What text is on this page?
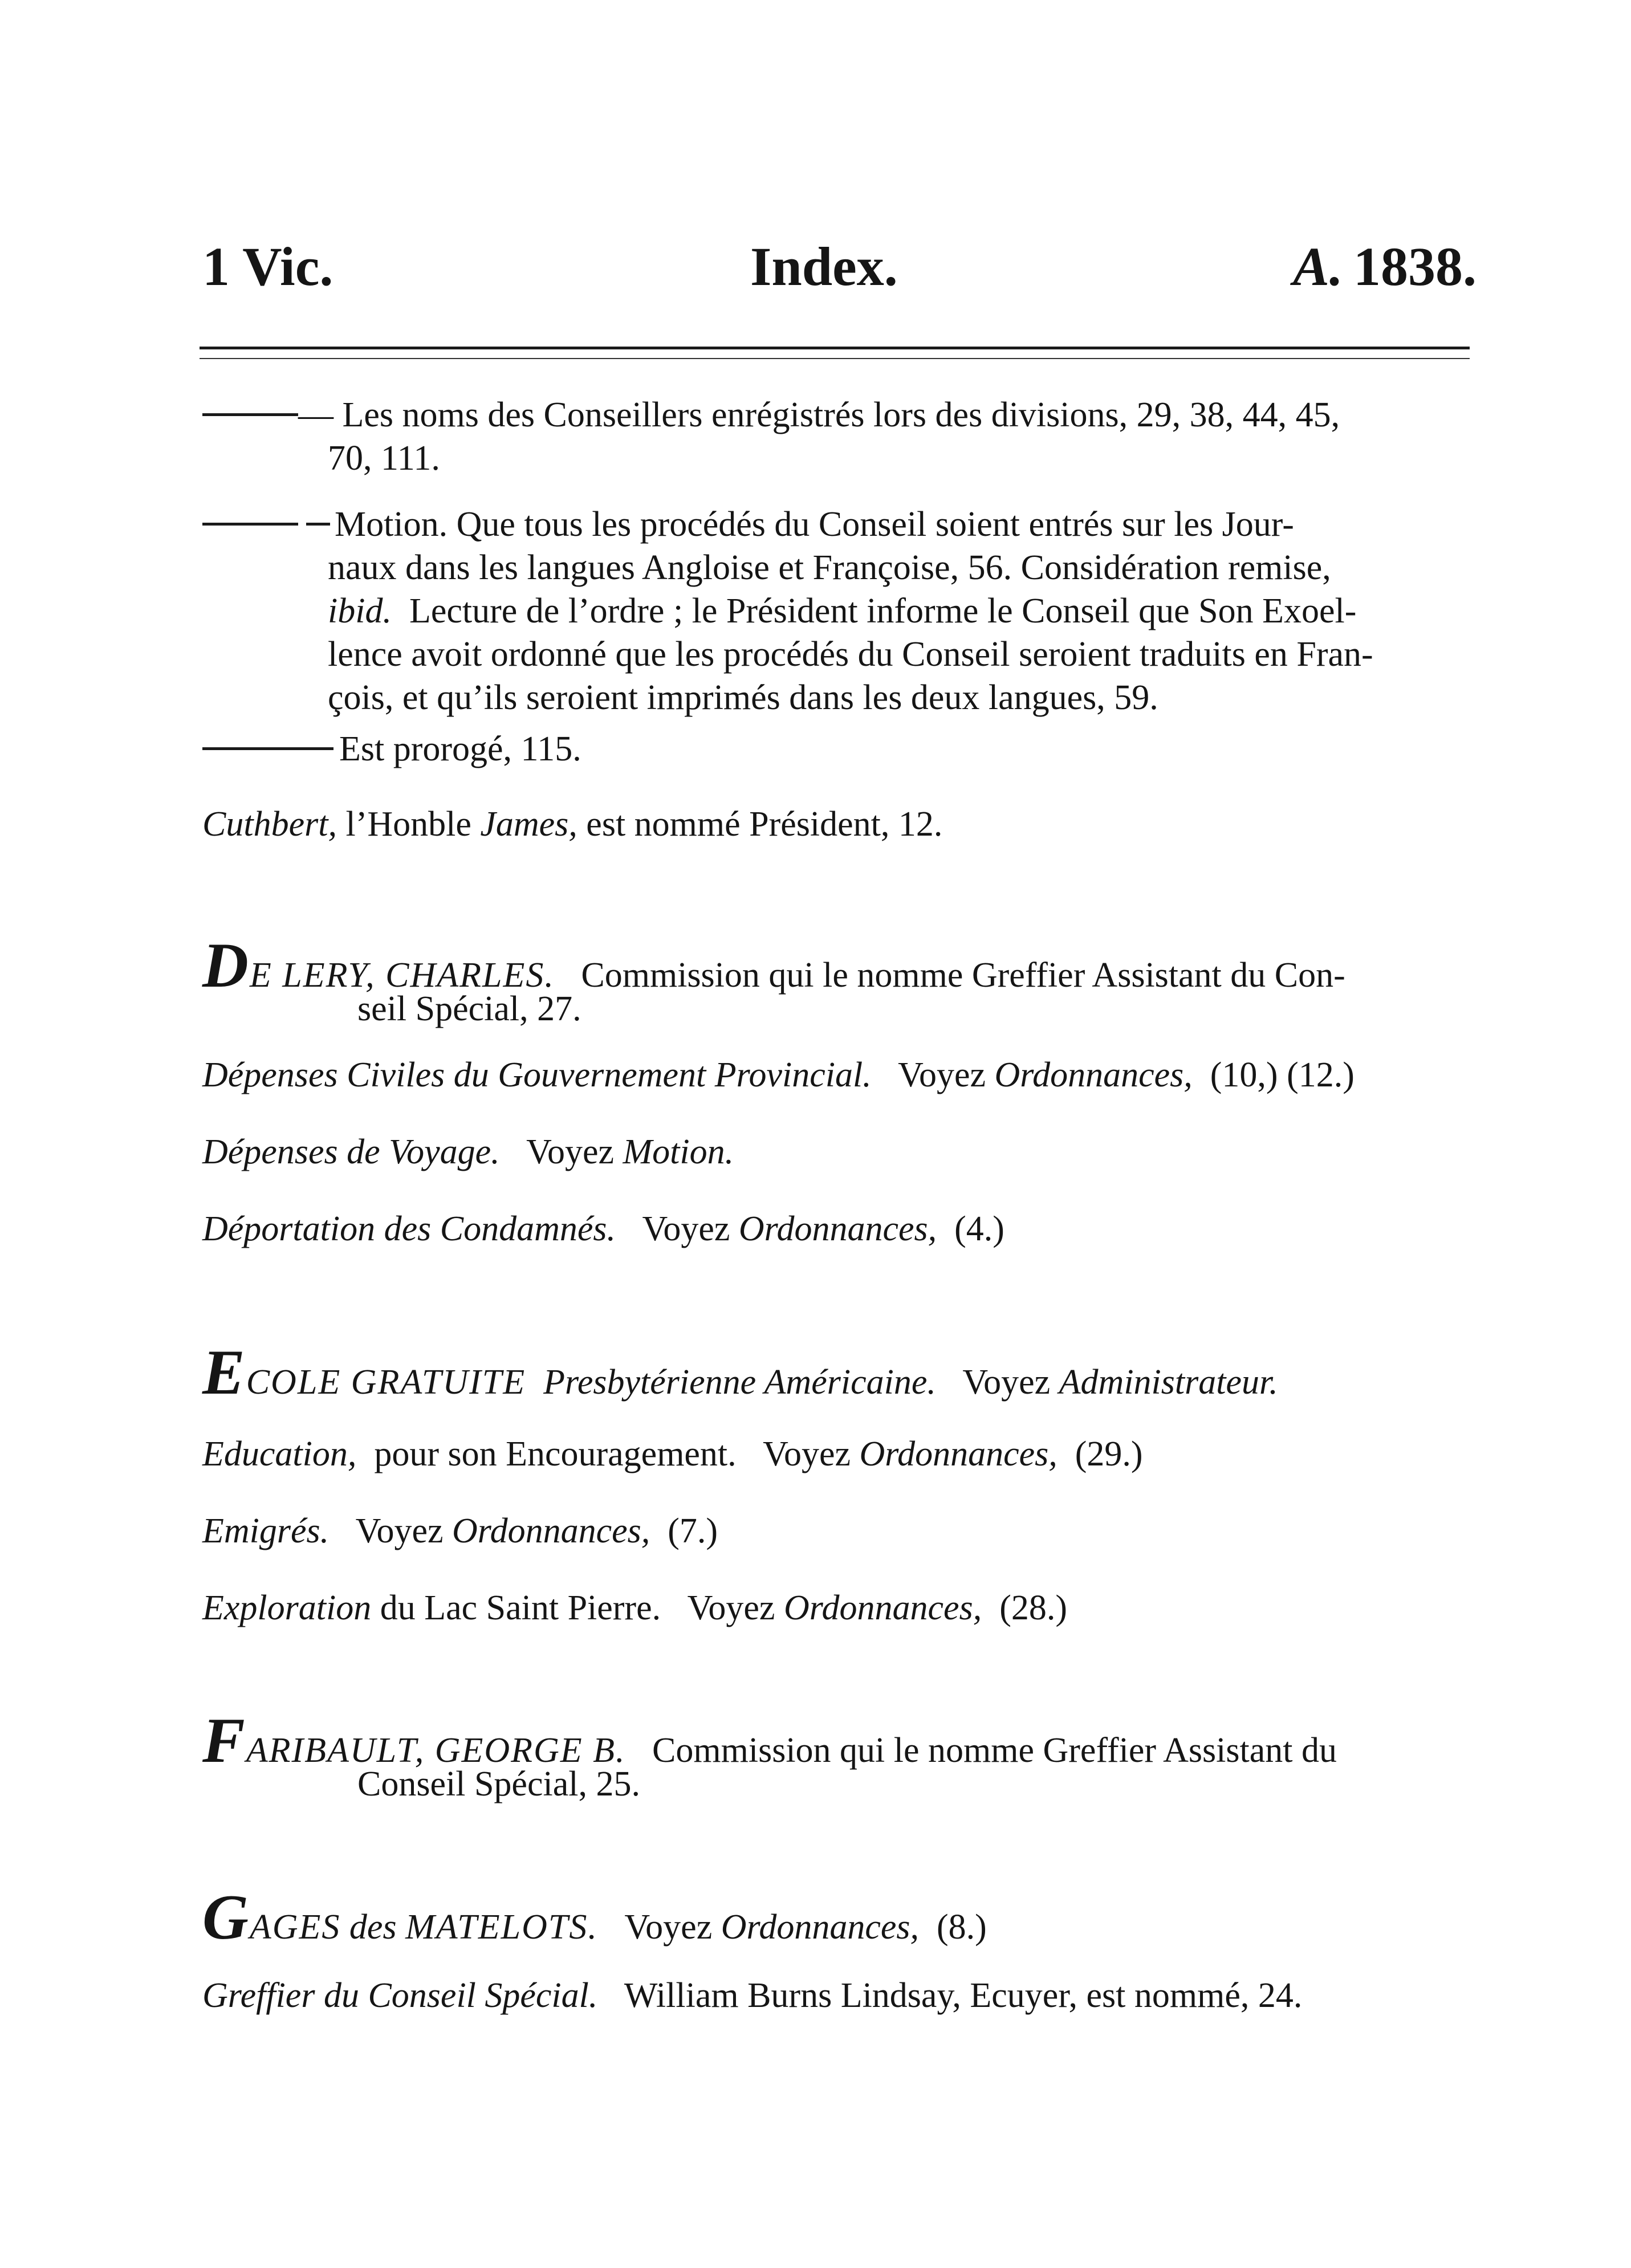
1 Vic.	Index.	A. 1838.
— Les noms des Conseillers enrégistrés lors des divisions, 29, 38, 44, 45,
70, 111.
Motion. Que tous les procédés du Conseil soient entrés sur les Jour-
naux dans les langues Angloise et Françoise, 56. Considération remise,
ibid. Lecture de l’ordre ; le Président informe le Conseil que Son Exoel-
lence avoit ordonné que les procédés du Conseil seroient traduits en Fran-
çois, et qu’ils seroient imprimés dans les deux langues, 59.
Est prorogé, 115.
Cuthbert, l’Honble James, est nommé Président, 12.
DE LERY, CHARLES. Commission qui le nomme Greffier Assistant du Con-
seil Spécial, 27.
Dépenses Civiles du Gouvernement Provincial. Voyez Ordonnances, (10,) (12.)
Dépenses de Voyage. Voyez Motion.
Déportation des Condamnés. Voyez Ordonnances, (4.)
ECOLE GRATUITE Presbytérienne Américaine. Voyez Administrateur.
Education, pour son Encouragement. Voyez Ordonnances, (29.)
Emigrés. Voyez Ordonnances, (7.)
Exploration du Lac Saint Pierre. Voyez Ordonnances, (28.)
FARIBAULT, GEORGE B. Commission qui le nomme Greffier Assistant du
Conseil Spécial, 25.
GAGES des MATELOTS. Voyez Ordonnances, (8.)
Greffier du Conseil Spécial. William Burns Lindsay, Ecuyer, est nommé, 24.
